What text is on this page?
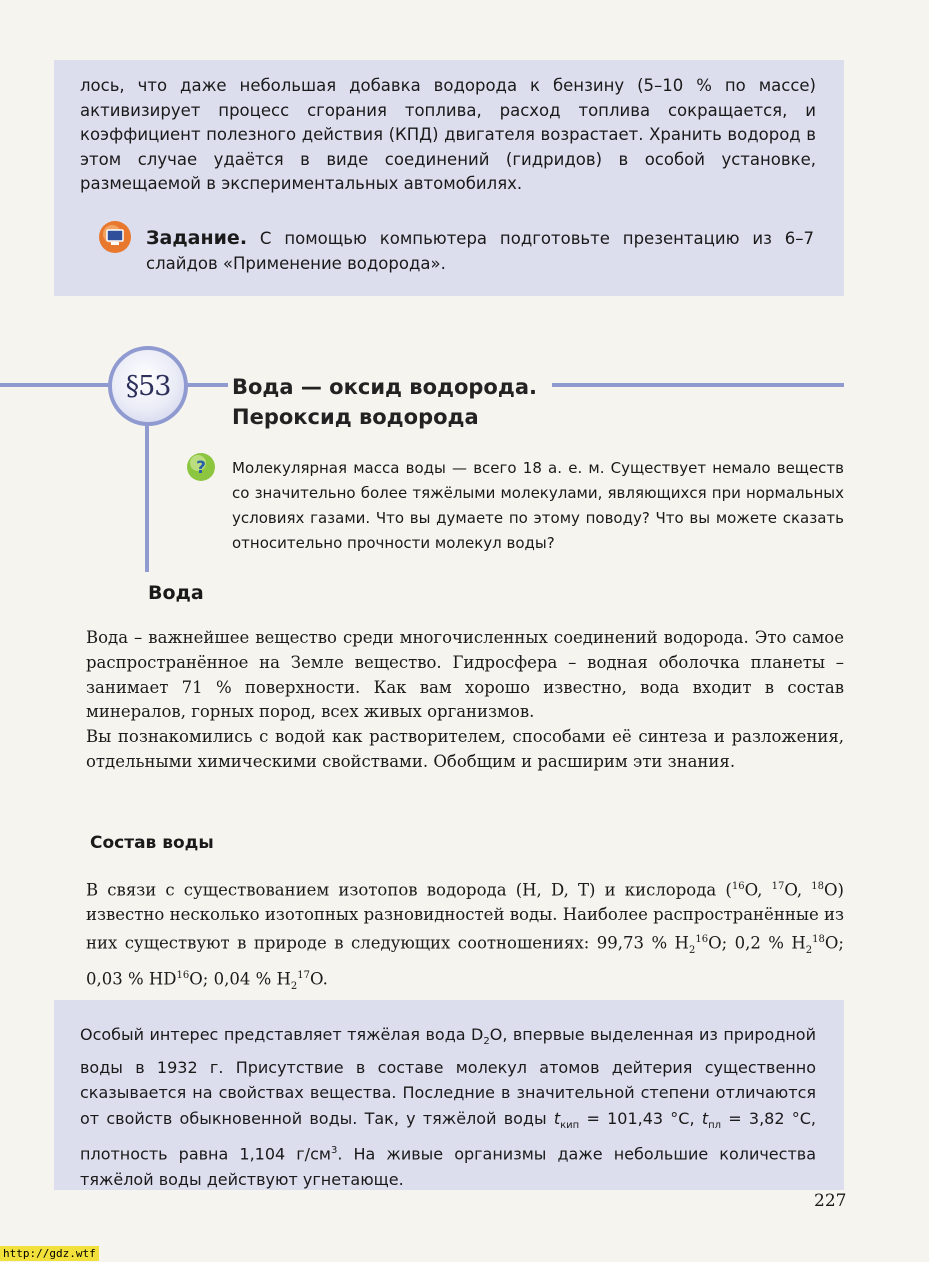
лось, что даже небольшая добавка водорода к бензину (5–10 % по массе) активизирует процесс сгорания топлива, расход топлива сокращается, и коэффициент полезного действия (КПД) двигателя возрастает. Хранить водород в этом случае удаётся в виде соединений (гидридов) в особой установке, размещаемой в экспериментальных автомобилях.

Задание. С помощью компьютера подготовьте презентацию из 6–7 слайдов «Применение водорода».

§53	Вода — оксид водорода.
Пероксид водорода
? Молекулярная масса воды — всего 18 а. е. м. Существует немало веществ со значительно более тяжёлыми молекулами, являющихся при нормальных условиях газами. Что вы думаете по этому поводу? Что вы можете сказать относительно прочности молекул воды?

Вода

Вода – важнейшее вещество среди многочисленных соединений водорода. Это самое распространённое на Земле вещество. Гидросфера – водная оболочка планеты – занимает 71 % поверхности. Как вам хорошо известно, вода входит в состав минералов, горных пород, всех живых организмов.

Вы познакомились с водой как растворителем, способами её синтеза и разложения, отдельными химическими свойствами. Обобщим и расширим эти знания.

Состав воды

В связи с существованием изотопов водорода (H, D, T) и кислорода ($^{16}$O, $^{17}$O, $^{18}$O) известно несколько изотопных разновидностей воды. Наиболее распространённые из них существуют в природе в следующих соотношениях: 99,73 % $H_2^{16}O$; 0,2 % $H_2^{18}O$; 0,03 % HD$^{16}$O; 0,04 % $H_2^{17}O$.

Особый интерес представляет тяжёлая вода $D_2O$, впервые выделенная из природной воды в 1932 г. Присутствие в составе молекул атомов дейтерия существенно сказывается на свойствах вещества. Последние в значительной степени отличаются от свойств обыкновенной воды. Так, у тяжёлой воды $t_{кип} = 101,43$ °C, $t_{пл} = 3,82$ °C, плотность равна 1,104 $г/см^3$. На живые организмы даже небольшие количества тяжёлой воды действуют угнетающе.

227

http://gdz.wtf
